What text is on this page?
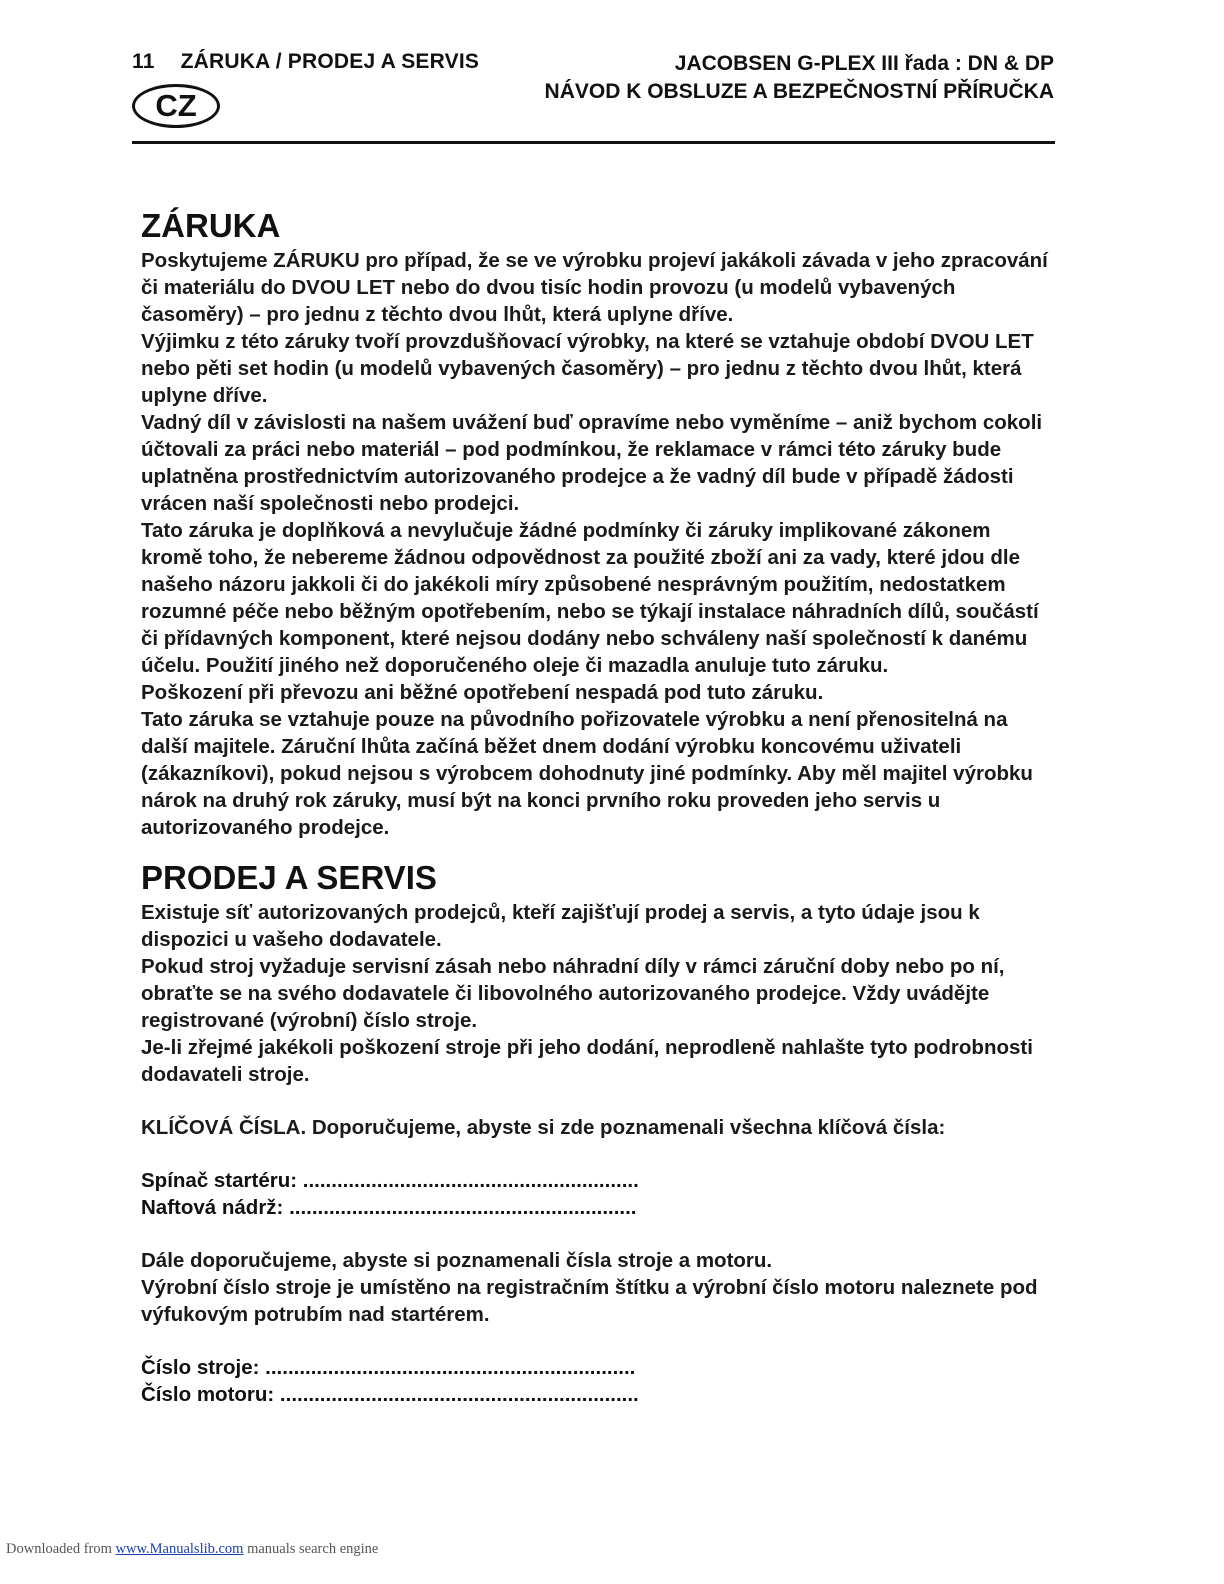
11 ZÁRUKA / PRODEJ A SERVIS	JACOBSEN G-PLEX III řada : DN & DP
NÁVOD K OBSLUZE A BEZPEČNOSTNÍ PŘÍRUČKA
CZ
ZÁRUKA

Poskytujeme ZÁRUKU pro případ, že se ve výrobku projeví jakákoli závada v jeho zpracování či materiálu do DVOU LET nebo do dvou tisíc hodin provozu (u modelů vybavených časoměry) – pro jednu z těchto dvou lhůt, která uplyne dříve.

Výjimku z této záruky tvoří provzdušňovací výrobky, na které se vztahuje období DVOU LET nebo pěti set hodin (u modelů vybavených časoměry) – pro jednu z těchto dvou lhůt, která uplyne dříve.

Vadný díl v závislosti na našem uvážení buď opravíme nebo vyměníme – aniž bychom cokoli účtovali za práci nebo materiál – pod podmínkou, že reklamace v rámci této záruky bude uplatněna prostřednictvím autorizovaného prodejce a že vadný díl bude v případě žádosti vrácen naší společnosti nebo prodejci.

Tato záruka je doplňková a nevylučuje žádné podmínky či záruky implikované zákonem kromě toho, že nebereme žádnou odpovědnost za použité zboží ani za vady, které jdou dle našeho názoru jakkoli či do jakékoli míry způsobené nesprávným použitím, nedostatkem rozumné péče nebo běžným opotřebením, nebo se týkají instalace náhradních dílů, součástí či přídavných komponent, které nejsou dodány nebo schváleny naší společností k danému účelu. Použití jiného než doporučeného oleje či mazadla anuluje tuto záruku.

Poškození při převozu ani běžné opotřebení nespadá pod tuto záruku.

Tato záruka se vztahuje pouze na původního pořizovatele výrobku a není přenositelná na další majitele. Záruční lhůta začíná běžet dnem dodání výrobku koncovému uživateli (zákazníkovi), pokud nejsou s výrobcem dohodnuty jiné podmínky. Aby měl majitel výrobku nárok na druhý rok záruky, musí být na konci prvního roku proveden jeho servis u autorizovaného prodejce.

PRODEJ A SERVIS

Existuje síť autorizovaných prodejců, kteří zajišťují prodej a servis, a tyto údaje jsou k dispozici u vašeho dodavatele.

Pokud stroj vyžaduje servisní zásah nebo náhradní díly v rámci záruční doby nebo po ní, obraťte se na svého dodavatele či libovolného autorizovaného prodejce. Vždy uvádějte registrované (výrobní) číslo stroje.

Je-li zřejmé jakékoli poškození stroje při jeho dodání, neprodleně nahlašte tyto podrobnosti dodavateli stroje.

KLÍČOVÁ ČÍSLA. Doporučujeme, abyste si zde poznamenali všechna klíčová čísla:

Spínač startéru: ...........................................................

Naftová nádrž: .............................................................

Dále doporučujeme, abyste si poznamenali čísla stroje a motoru.

Výrobní číslo stroje je umístěno na registračním štítku a výrobní číslo motoru naleznete pod výfukovým potrubím nad startérem.

Číslo stroje: .................................................................

Číslo motoru: ...............................................................

Downloaded from www.Manualslib.com manuals search engine
